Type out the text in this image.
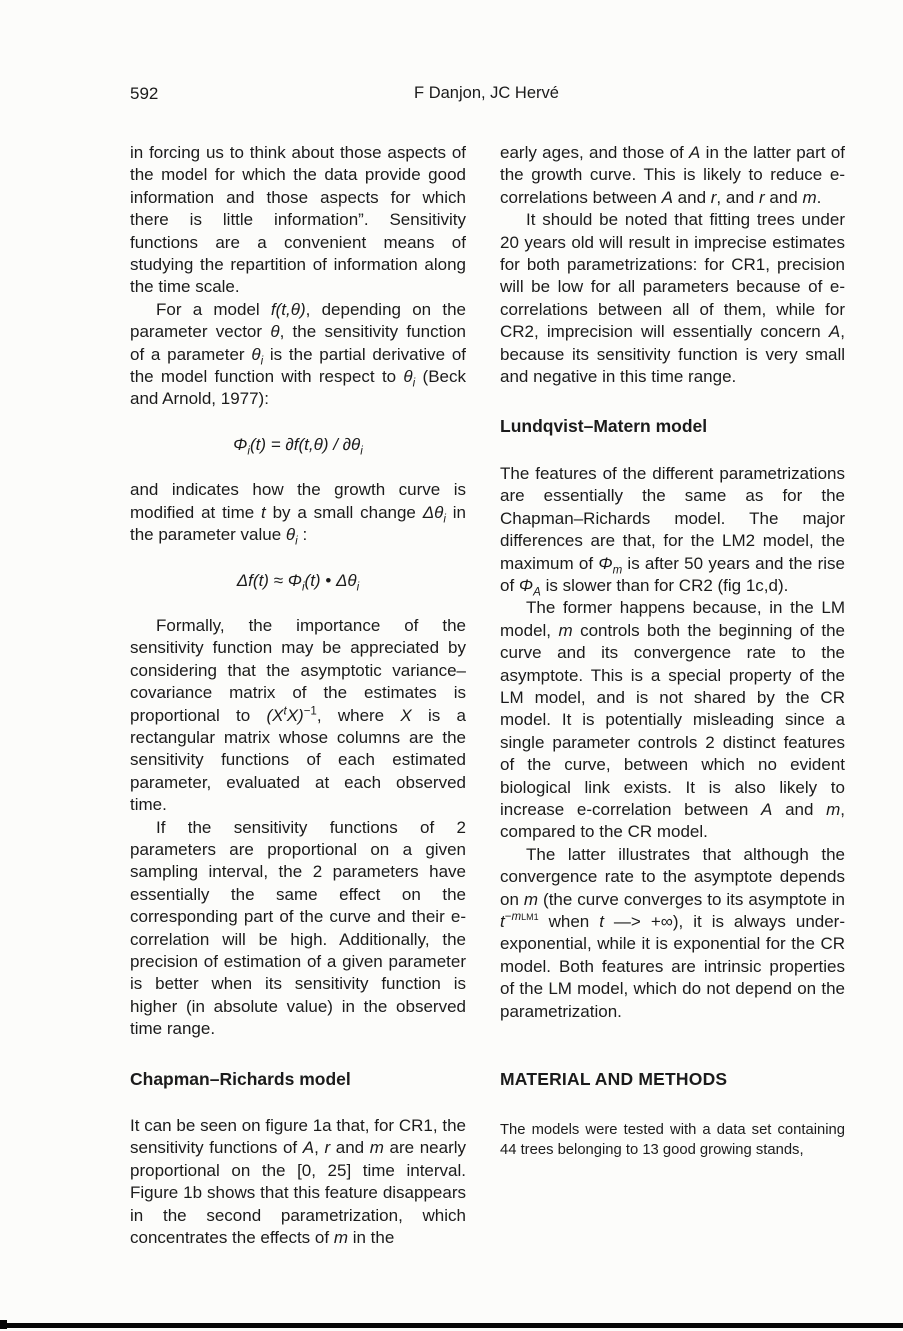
592	F Danjon, JC Hervé

in forcing us to think about those aspects of the model for which the data provide good information and those aspects for which there is little information”. Sensitivity functions are a convenient means of studying the repartition of information along the time scale.

For a model f(t,θ), depending on the parameter vector θ, the sensitivity function of a parameter $\theta_i$ is the partial derivative of the model function with respect to $\theta_i$ (Beck and Arnold, 1977):

$\Phi_i(t) = \partial f(t,\theta) / \partial\theta_i$

and indicates how the growth curve is modified at time t by a small change $\Delta\theta_i$ in the parameter value $\theta_i$ :

$\Delta f(t) \approx \Phi_i(t)$ • $\Delta\theta_i$

Formally, the importance of the sensitivity function may be appreciated by considering that the asymptotic variance–covariance matrix of the estimates is proportional to $(X^tX)^{-1}$, where X is a rectangular matrix whose columns are the sensitivity functions of each estimated parameter, evaluated at each observed time.

If the sensitivity functions of 2 parameters are proportional on a given sampling interval, the 2 parameters have essentially the same effect on the corresponding part of the curve and their e-correlation will be high. Additionally, the precision of estimation of a given parameter is better when its sensitivity function is higher (in absolute value) in the observed time range.

Chapman–Richards model

It can be seen on figure 1a that, for CR1, the sensitivity functions of A, r and m are nearly proportional on the [0, 25] time interval. Figure 1b shows that this feature disappears in the second parametrization, which concentrates the effects of m in the

early ages, and those of A in the latter part of the growth curve. This is likely to reduce e-correlations between A and r, and r and m.

It should be noted that fitting trees under 20 years old will result in imprecise estimates for both parametrizations: for CR1, precision will be low for all parameters because of e-correlations between all of them, while for CR2, imprecision will essentially concern A, because its sensitivity function is very small and negative in this time range.

Lundqvist–Matern model

The features of the different parametrizations are essentially the same as for the Chapman–Richards model. The major differences are that, for the LM2 model, the maximum of $\Phi_m$ is after 50 years and the rise of $\Phi_A$ is slower than for CR2 (fig 1c,d).

The former happens because, in the LM model, m controls both the beginning of the curve and its convergence rate to the asymptote. This is a special property of the LM model, and is not shared by the CR model. It is potentially misleading since a single parameter controls 2 distinct features of the curve, between which no evident biological link exists. It is also likely to increase e-correlation between A and m, compared to the CR model.

The latter illustrates that although the convergence rate to the asymptote depends on m (the curve converges to its asymptote in $t^{-mLM1}$ when t —> +∞), it is always under-exponential, while it is exponential for the CR model. Both features are intrinsic properties of the LM model, which do not depend on the parametrization.

MATERIAL AND METHODS

The models were tested with a data set containing 44 trees belonging to 13 good growing stands,
